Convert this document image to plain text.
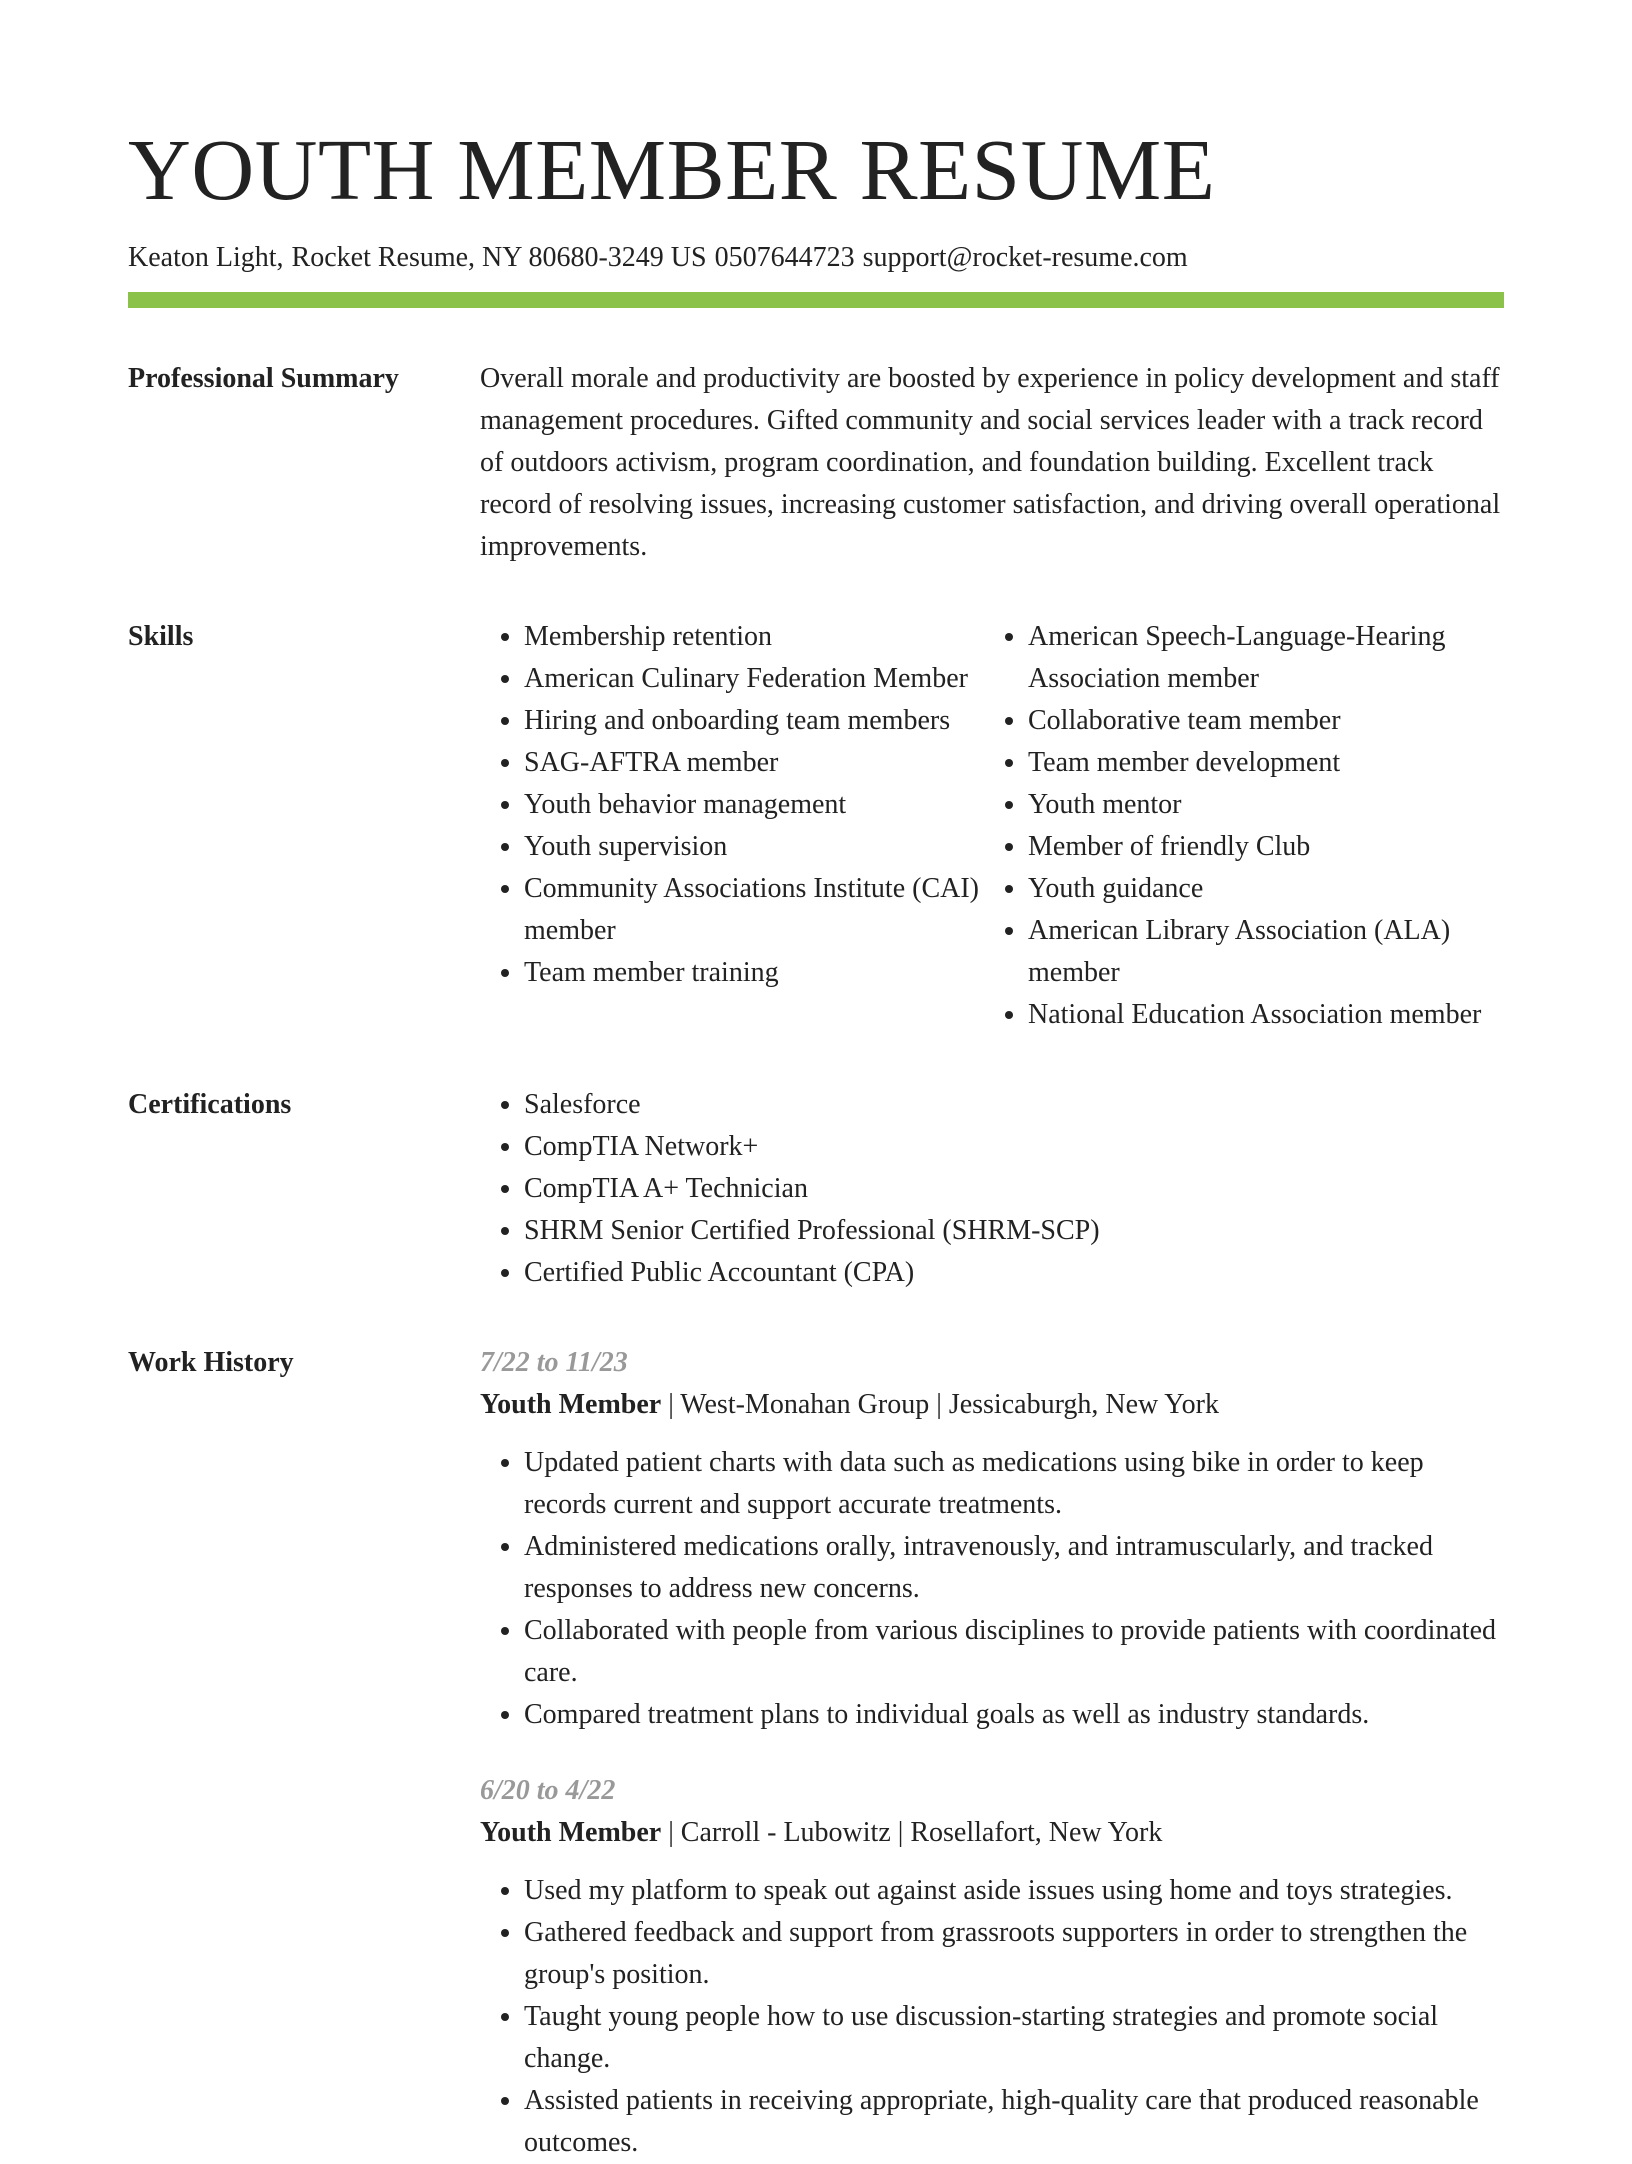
YOUTH MEMBER RESUME
Keaton Light, Rocket Resume, NY 80680-3249 US 0507644723 support@rocket-resume.com
Professional Summary	Overall morale and productivity are boosted by experience in policy development and staff management procedures. Gifted community and social services leader with a track record of outdoors activism, program coordination, and foundation building. Excellent track record of resolving issues, increasing customer satisfaction, and driving overall operational improvements.

Skills	• Membership retention
• American Culinary Federation Member
• Hiring and onboarding team members
• SAG-AFTRA member
• Youth behavior management
• Youth supervision
• Community Associations Institute (CAI) member
• Team member training
• American Speech-Language-Hearing Association member
• Collaborative team member
• Team member development
• Youth mentor
• Member of friendly Club
• Youth guidance
• American Library Association (ALA) member
• National Education Association member
Certifications	• Salesforce
• CompTIA Network+
• CompTIA A+ Technician
• SHRM Senior Certified Professional (SHRM-SCP)
• Certified Public Accountant (CPA)
Work History	7/22 to 11/23
Youth Member | West-Monahan Group | Jessicaburgh, New York
• Updated patient charts with data such as medications using bike in order to keep records current and support accurate treatments.
• Administered medications orally, intravenously, and intramuscularly, and tracked responses to address new concerns.
• Collaborated with people from various disciplines to provide patients with coordinated care.
• Compared treatment plans to individual goals as well as industry standards.
6/20 to 4/22
Youth Member | Carroll - Lubowitz | Rosellafort, New York
• Used my platform to speak out against aside issues using home and toys strategies.
• Gathered feedback and support from grassroots supporters in order to strengthen the group's position.
• Taught young people how to use discussion-starting strategies and promote social change.
• Assisted patients in receiving appropriate, high-quality care that produced reasonable outcomes.
